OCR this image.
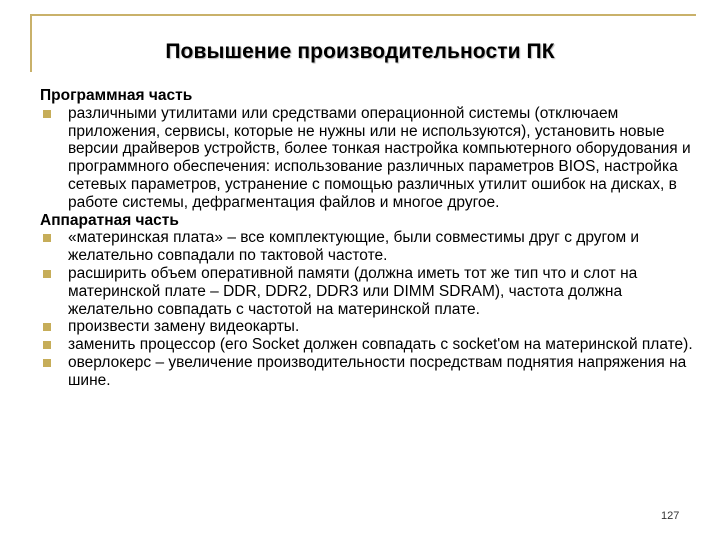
Повышение производительности ПК
Программная часть
различными утилитами или средствами операционной системы (отключаем приложения, сервисы, которые не нужны или не используются), установить новые версии драйверов устройств, более тонкая настройка компьютерного оборудования и программного обеспечения: использование различных параметров BIOS, настройка сетевых параметров, устранение с помощью различных утилит ошибок на дисках, в работе системы, дефрагментация файлов и многое другое.
Аппаратная часть
«материнская плата» – все комплектующие, были совместимы друг с другом и желательно совпадали по тактовой частоте.
расширить объем оперативной памяти (должна иметь тот же тип что и слот на материнской плате – DDR, DDR2, DDR3 или DIMM SDRAM), частота должна желательно совпадать с частотой на материнской плате.
произвести замену видеокарты.
заменить процессор (его Socket должен совпадать с socket'ом на материнской плате).
оверлокерс – увеличение производительности посредствам поднятия напряжения на шине.
127
